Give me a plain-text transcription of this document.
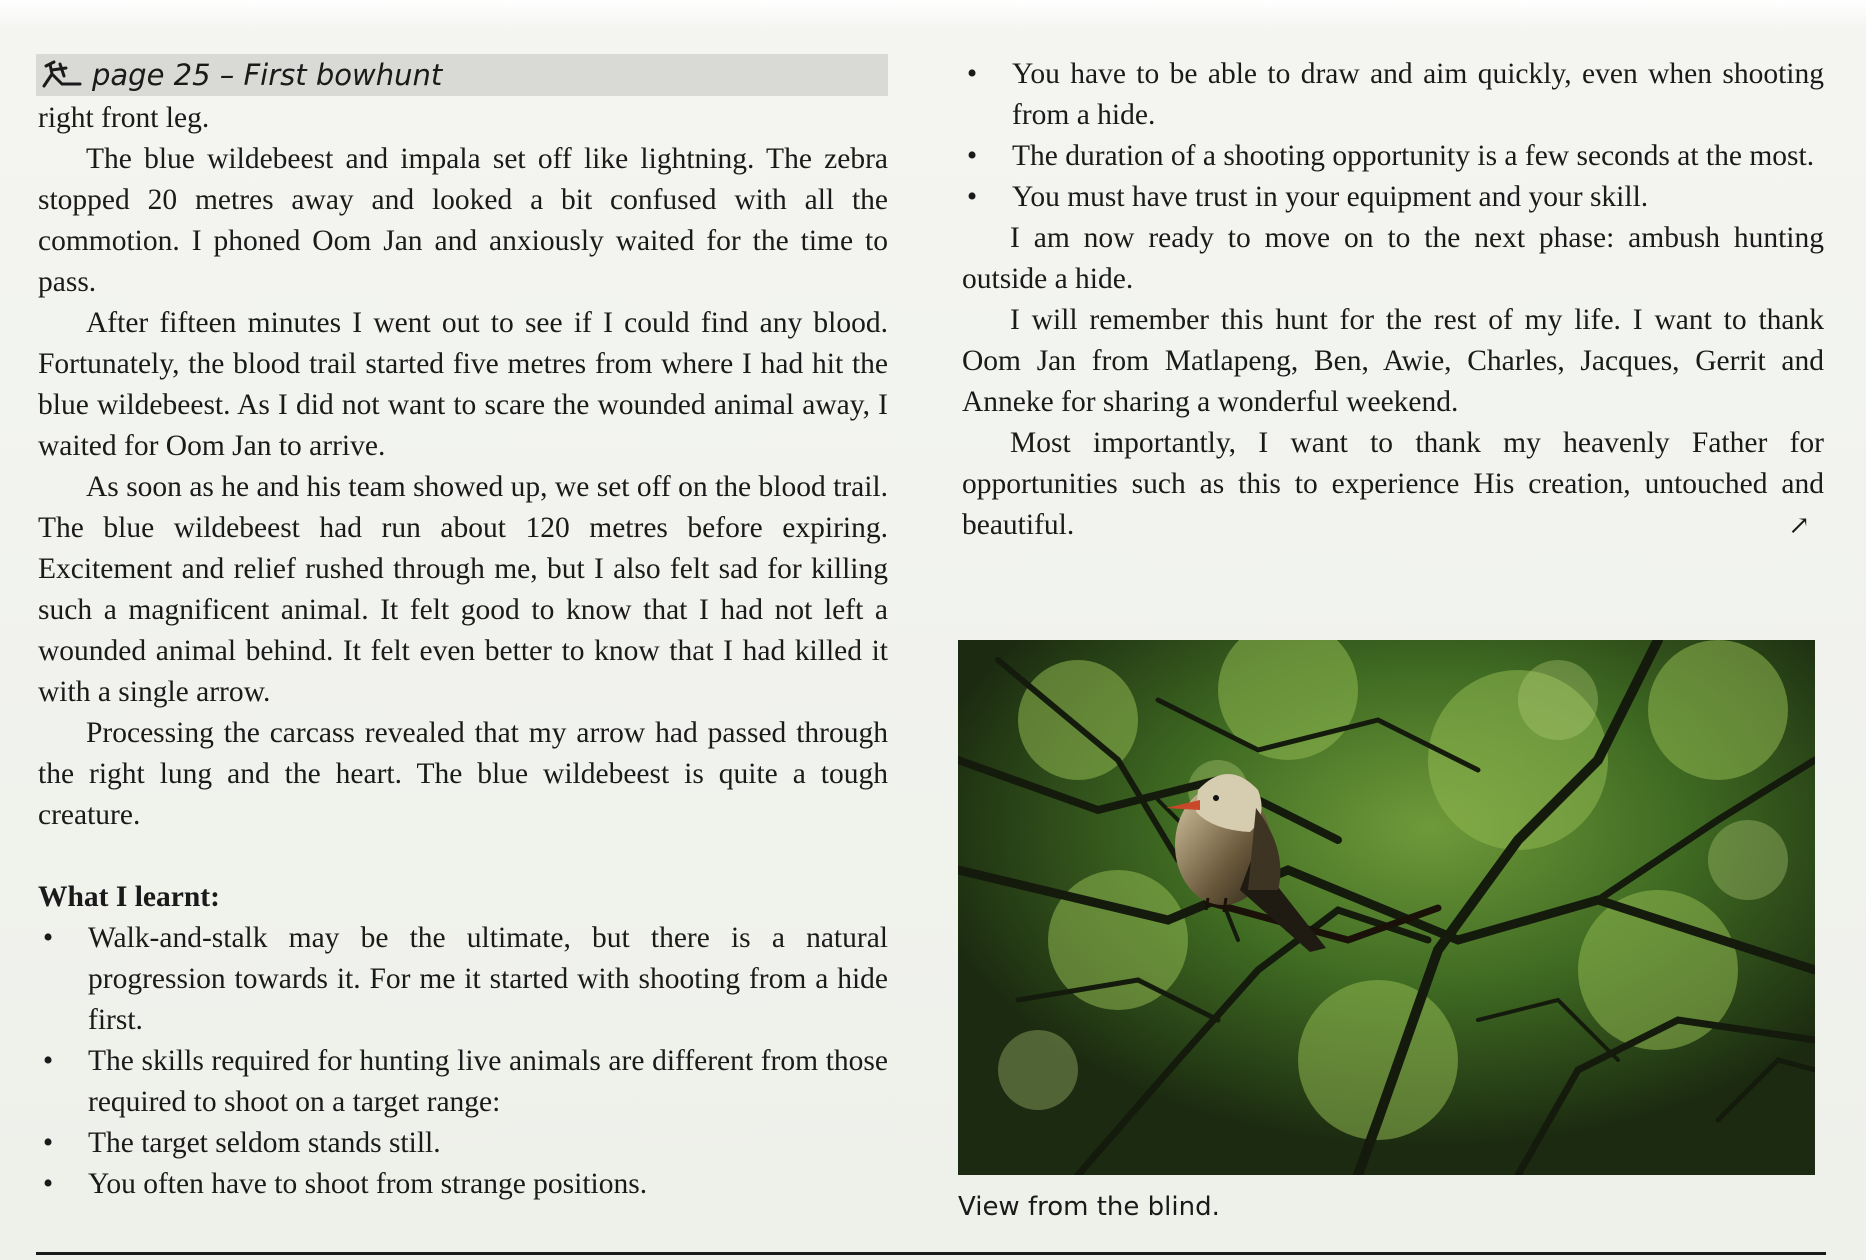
page 25 – First bowhunt

right front leg.

The blue wildebeest and impala set off like lightning. The zebra stopped 20 metres away and looked a bit confused with all the commotion. I phoned Oom Jan and anxiously waited for the time to pass.

After fifteen minutes I went out to see if I could find any blood. Fortunately, the blood trail started five metres from where I had hit the blue wildebeest. As I did not want to scare the wounded animal away, I waited for Oom Jan to arrive.

As soon as he and his team showed up, we set off on the blood trail. The blue wildebeest had run about 120 metres before expiring. Excitement and relief rushed through me, but I also felt sad for killing such a magnificent animal. It felt good to know that I had not left a wounded animal behind. It felt even better to know that I had killed it with a single arrow.

Processing the carcass revealed that my arrow had passed through the right lung and the heart. The blue wildebeest is quite a tough creature.

What I learnt:

• Walk-and-stalk may be the ultimate, but there is a natural progression towards it. For me it started with shooting from a hide first.
• The skills required for hunting live animals are different from those required to shoot on a target range:
• The target seldom stands still.
• You often have to shoot from strange positions.
• You have to be able to draw and aim quickly, even when shooting from a hide.
• The duration of a shooting opportunity is a few seconds at the most.
• You must have trust in your equipment and your skill.

I am now ready to move on to the next phase: ambush hunting outside a hide.

I will remember this hunt for the rest of my life. I want to thank Oom Jan from Matlapeng, Ben, Awie, Charles, Jacques, Gerrit and Anneke for sharing a wonderful weekend.

Most importantly, I want to thank my heavenly Father for opportunities such as this to experience His creation, untouched and beautiful.	↗

View from the blind.
